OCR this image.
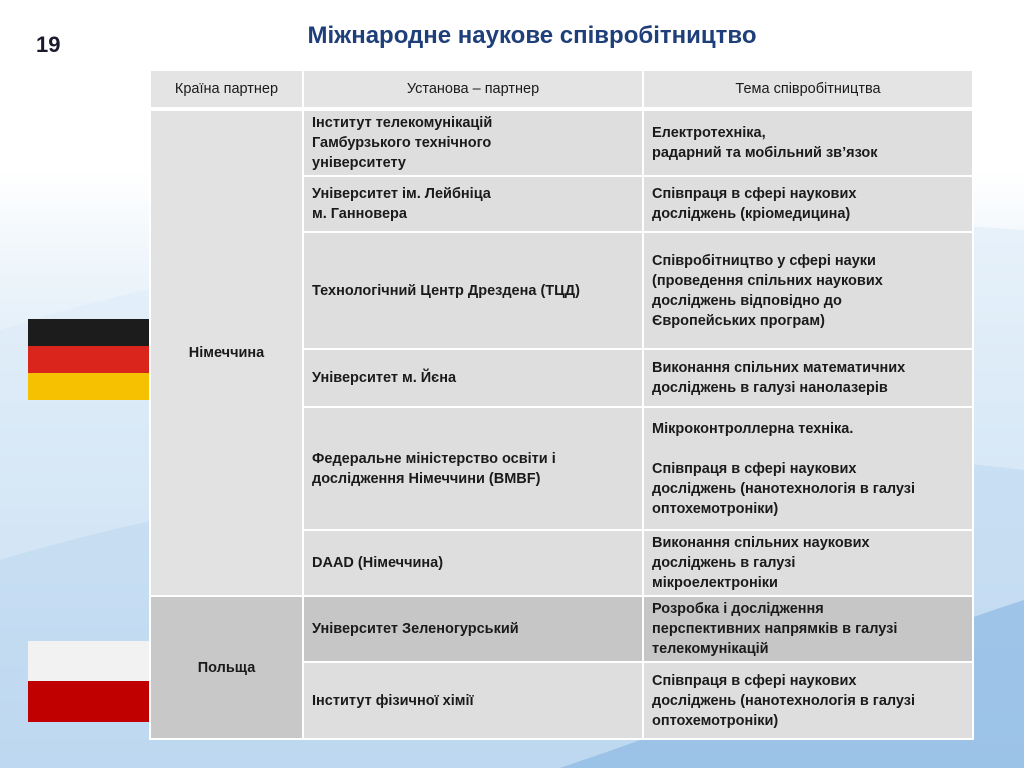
19	Міжнародне наукове співробітництво
Країна партнер	Установа – партнер	Тема співробітництва
Німеччина	Інститут телекомунікацій
Гамбурзького технічного
університету	Електротехніка,
радарний та мобільний зв’язок

	Університет ім. Лейбніца
м. Ганновера	Співпраця в сфері наукових
досліджень (кріомедицина)

	Технологічний Центр Дрездена (ТЦД)	Співробітництво у сфері науки
(проведення спільних наукових
досліджень відповідно до
Європейських програм)

	Університет м. Йєна	Виконання спільних математичних
досліджень в галузі нанолазерів

	Федеральне міністерство освіти і
дослідження Німеччини (BMBF)	Мікроконтроллерна техніка.

Співпраця в сфері наукових
досліджень (нанотехнологія в галузі
оптохемотроніки)

	DAAD (Німеччина)	Виконання спільних наукових
досліджень в галузі
мікроелектроніки

Польща	Університет Зеленогурський	Розробка і дослідження
перспективних напрямків в галузі
телекомунікацій

	Інститут фізичної хімії	Співпраця в сфері наукових
досліджень (нанотехнологія в галузі
оптохемотроніки)
